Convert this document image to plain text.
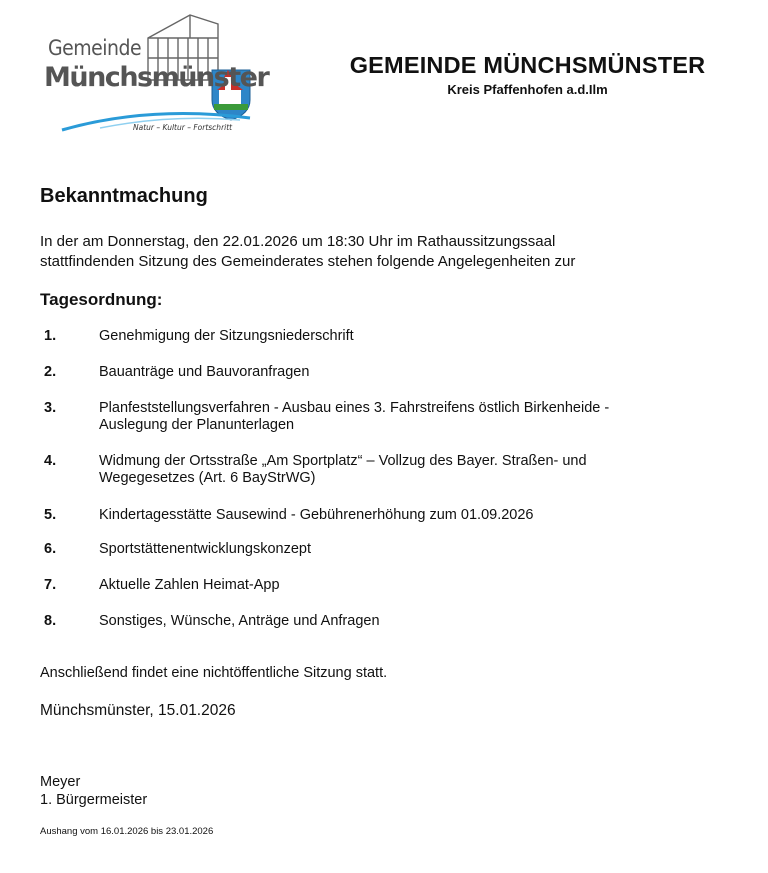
Gemeinde
Münchsmünster
Natur – Kultur – Fortschritt
GEMEINDE MÜNCHSMÜNSTER
Kreis Pfaffenhofen a.d.Ilm
Bekanntmachung
In der am Donnerstag, den 22.01.2026 um 18:30 Uhr im Rathaussitzungssaal
stattfindenden Sitzung des Gemeinderates stehen folgende Angelegenheiten zur
Tagesordnung:
1.	Genehmigung der Sitzungsniederschrift
2.	Bauanträge und Bauvoranfragen
3.	Planfeststellungsverfahren - Ausbau eines 3. Fahrstreifens östlich Birkenheide -
Auslegung der Planunterlagen
4.	Widmung der Ortsstraße „Am Sportplatz“ – Vollzug des Bayer. Straßen- und
Wegegesetzes (Art. 6 BayStrWG)
5.	Kindertagesstätte Sausewind - Gebührenerhöhung zum 01.09.2026
6.	Sportstättenentwicklungskonzept
7.	Aktuelle Zahlen Heimat-App
8.	Sonstiges, Wünsche, Anträge und Anfragen
Anschließend findet eine nichtöffentliche Sitzung statt.
Münchsmünster, 15.01.2026
Meyer
1. Bürgermeister
Aushang vom 16.01.2026 bis 23.01.2026
